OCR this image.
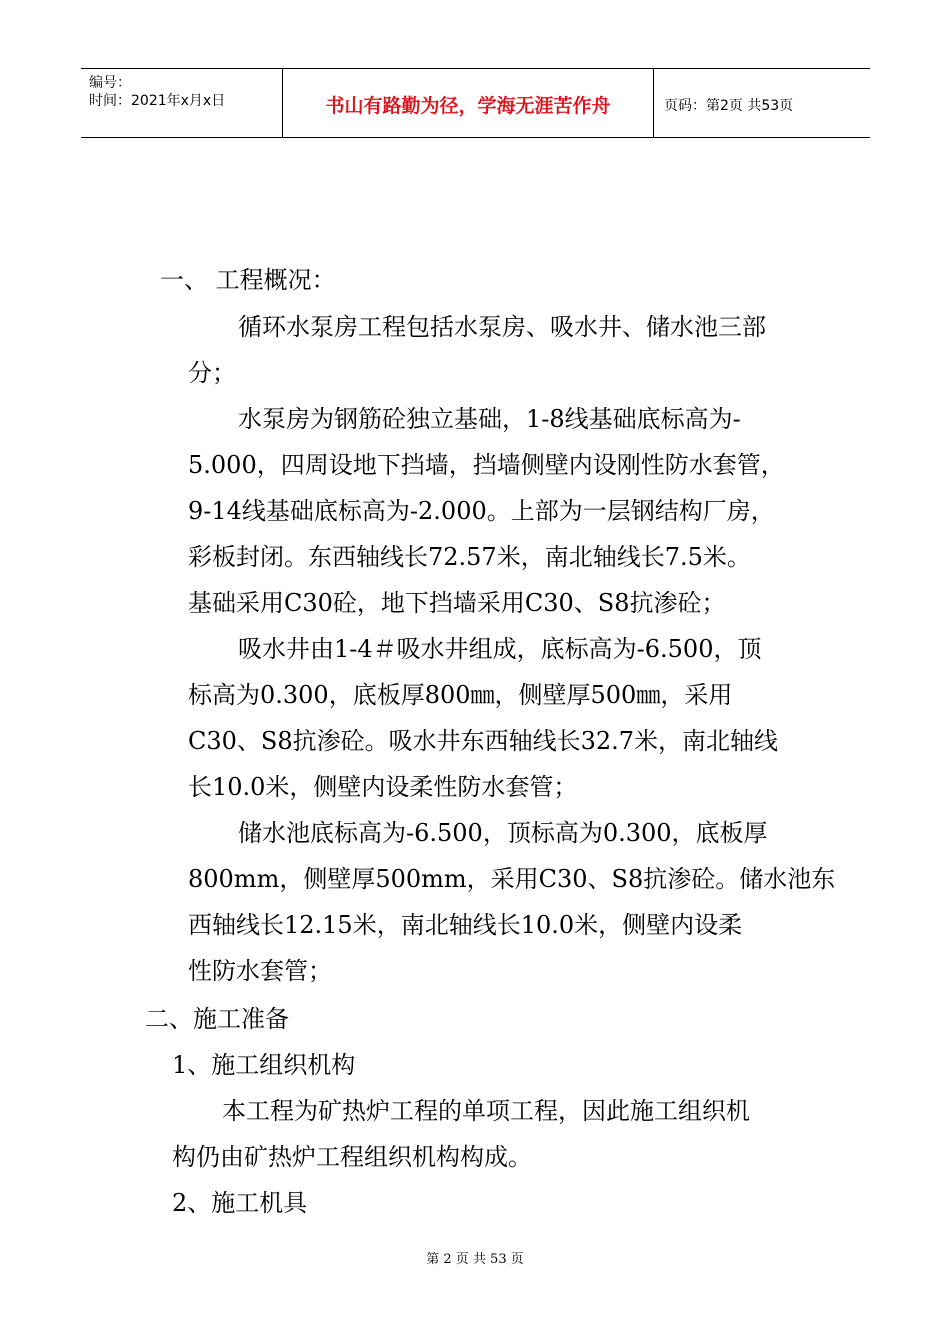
编号：
时间：2021年x月x日	书山有路勤为径，学海无涯苦作舟	页码：第2页 共53页
一、 工程概况：
循环水泵房工程包括水泵房、吸水井、储水池三部
分；
水泵房为钢筋砼独立基础，1-8线基础底标高为-
5.000，四周设地下挡墙，挡墙侧壁内设刚性防水套管，
9-14线基础底标高为-2.000。上部为一层钢结构厂房，
彩板封闭。东西轴线长72.57米，南北轴线长7.5米。
基础采用C30砼，地下挡墙采用C30、S8抗渗砼；
吸水井由1-4＃吸水井组成，底标高为-6.500，顶
标高为0.300，底板厚800㎜，侧壁厚500㎜，采用
C30、S8抗渗砼。吸水井东西轴线长32.7米，南北轴线
长10.0米，侧壁内设柔性防水套管；
储水池底标高为-6.500，顶标高为0.300，底板厚
800mm，侧壁厚500mm，采用C30、S8抗渗砼。储水池东
西轴线长12.15米，南北轴线长10.0米，侧壁内设柔
性防水套管；
二、施工准备
1、施工组织机构
本工程为矿热炉工程的单项工程，因此施工组织机
构仍由矿热炉工程组织机构构成。
2、施工机具
第 2 页 共 53 页
